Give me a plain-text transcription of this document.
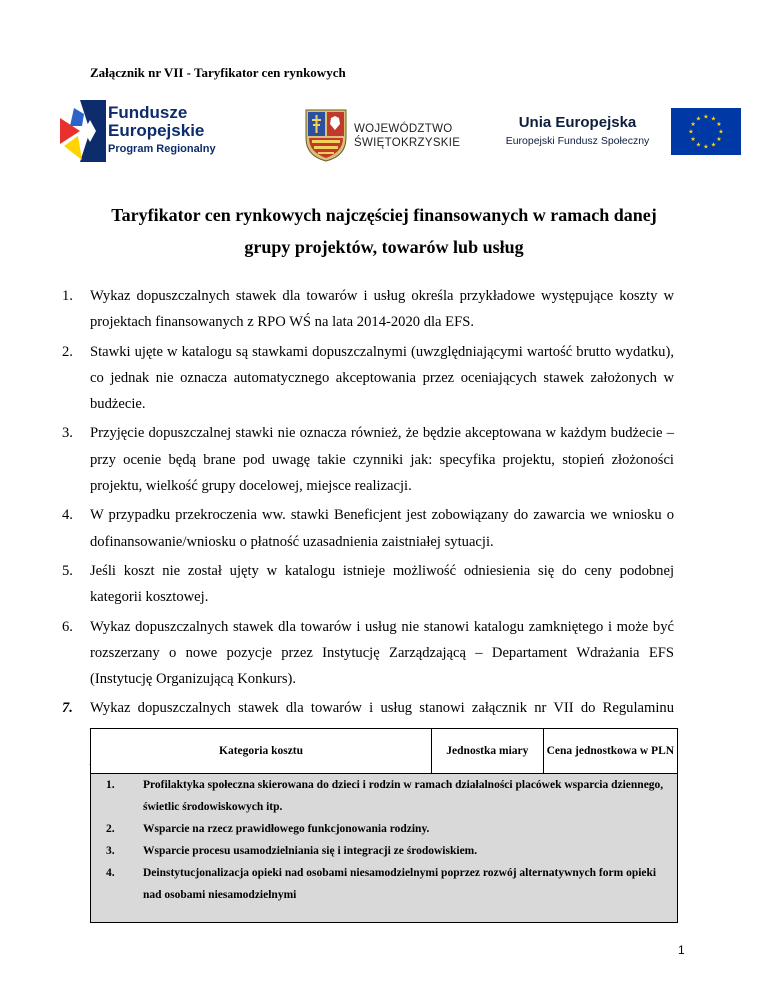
Załącznik nr VII - Taryfikator cen rynkowych
Fundusze
Europejskie
Program Regionalny
WOJEWÓDZTWO
ŚWIĘTOKRZYSKIE
Unia Europejska
Europejski Fundusz Społeczny
★ ★
★
★
★
★
★
★
★
★
★
★
Taryfikator cen rynkowych najczęściej finansowanych w ramach danej
grupy projektów, towarów lub usług
1. Wykaz dopuszczalnych stawek dla towarów i usług określa przykładowe występujące koszty w projektach finansowanych z RPO WŚ na lata 2014-2020 dla EFS.
2. Stawki ujęte w katalogu są stawkami dopuszczalnymi (uwzględniającymi wartość brutto wydatku), co jednak nie oznacza automatycznego akceptowania przez oceniających stawek założonych w budżecie.
3. Przyjęcie dopuszczalnej stawki nie oznacza również, że będzie akceptowana w każdym budżecie – przy ocenie będą brane pod uwagę takie czynniki jak: specyfika projektu, stopień złożoności projektu, wielkość grupy docelowej, miejsce realizacji.
4. W przypadku przekroczenia ww. stawki Beneficjent jest zobowiązany do zawarcia we wniosku o dofinansowanie/wniosku o płatność uzasadnienia zaistniałej sytuacji.
5. Jeśli koszt nie został ujęty w katalogu istnieje możliwość odniesienia się do ceny podobnej kategorii kosztowej.
6. Wykaz dopuszczalnych stawek dla towarów i usług nie stanowi katalogu zamkniętego i może być rozszerzany o nowe pozycje przez Instytucję Zarządzającą – Departament Wdrażania EFS (Instytucję Organizującą Konkurs).
7. Wykaz dopuszczalnych stawek dla towarów i usług stanowi załącznik nr VII do Regulaminu
Kategoria kosztu	Jednostka miary	Cena jednostkowa w PLN

1.	Profilaktyka społeczna skierowana do dzieci i rodzin w ramach działalności placówek wsparcia dziennego, świetlic środowiskowych itp.
2.	Wsparcie na rzecz prawidłowego funkcjonowania rodziny.
3.	Wsparcie procesu usamodzielniania się i integracji ze środowiskiem.
4.	Deinstytucjonalizacja opieki nad osobami niesamodzielnymi poprzez rozwój alternatywnych form opieki nad osobami niesamodzielnymi
1
